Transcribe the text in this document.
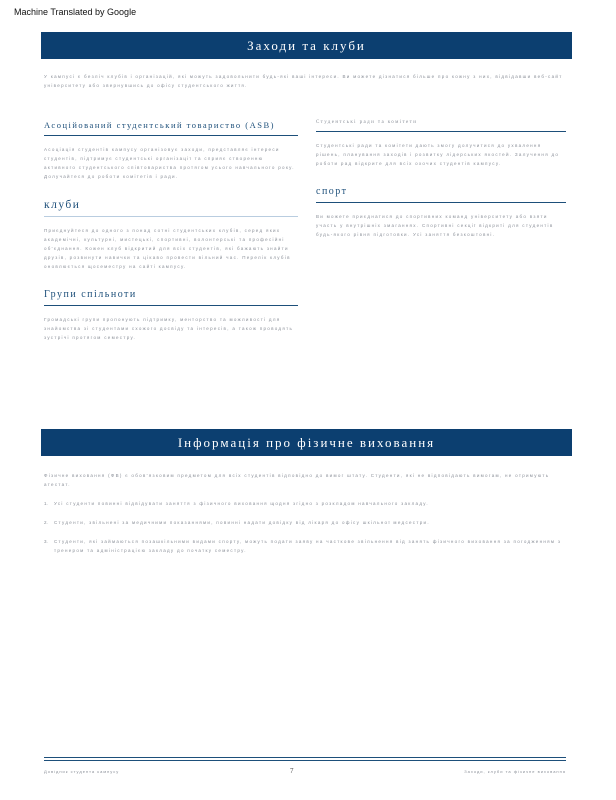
Machine Translated by Google
Заходи та клуби

У кампусі є безліч клубів і організацій, які можуть задовольнити будь-які ваші інтереси. Ви можете дізнатися більше про кожну з них, відвідавши веб-сайт університету або звернувшись до офісу студентського життя.

Асоційований студентський товариство (ASB)

Асоціація студентів кампусу організовує заходи, представляє інтереси студентів, підтримує студентські організації та сприяє створенню активного студентського співтовариства протягом усього навчального року. Долучайтеся до роботи комітетів і ради.

клуби

Приєднуйтеся до одного з понад сотні студентських клубів, серед яких академічні, культурні, мистецькі, спортивні, волонтерські та професійні об'єднання. Кожен клуб відкритий для всіх студентів, які бажають знайти друзів, розвинути навички та цікаво провести вільний час. Перелік клубів оновлюється щосеместру на сайті кампусу.

Групи спільноти

Громадські групи пропонують підтримку, менторство та можливості для знайомства зі студентами схожого досвіду та інтересів, а також проводять зустрічі протягом семестру.

Студентські ради та комітети

Студентські ради та комітети дають змогу долучитися до ухвалення рішень, планування заходів і розвитку лідерських якостей. Залучення до роботи рад відкрите для всіх охочих студентів кампусу.

спорт

Ви можете приєднатися до спортивних команд університету або взяти участь у внутрішніх змаганнях. Спортивні секції відкриті для студентів будь-якого рівня підготовки. Усі заняття безкоштовні.

Інформація про фізичне виховання

Фізичне виховання (ФВ) є обов'язковим предметом для всіх студентів відповідно до вимог штату. Студенти, які не відповідають вимогам, не отримують атестат.

1.	Усі студенти повинні відвідувати заняття з фізичного виховання щодня згідно з розкладом навчального закладу.
2.	Студенти, звільнені за медичними показаннями, повинні надати довідку від лікаря до офісу шкільної медсестри.
3.	Студенти, які займаються позашкільними видами спорту, можуть подати заяву на часткове звільнення від занять фізичного виховання за погодженням з тренером та адміністрацією закладу до початку семестру.
Довідник студента кампусу	7	Заходи, клуби та фізичне виховання
